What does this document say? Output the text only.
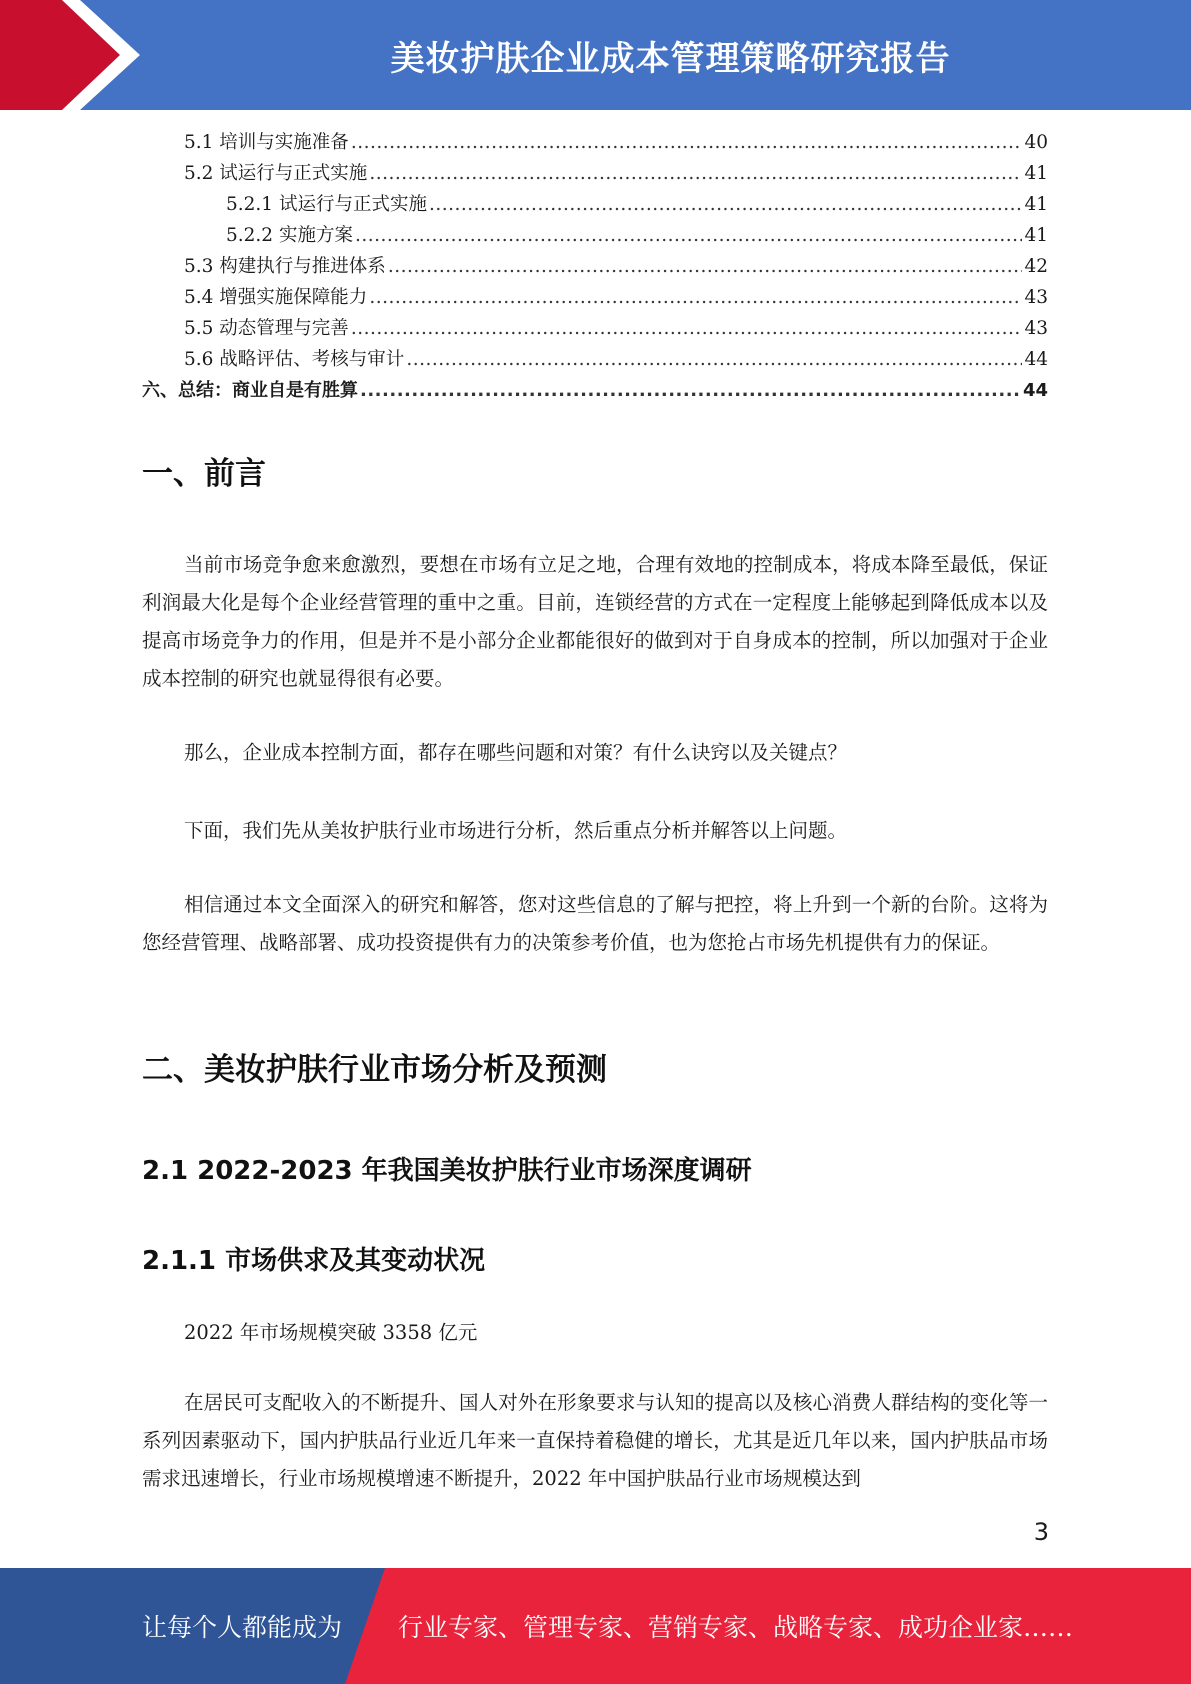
美妆护肤企业成本管理策略研究报告
5.1 培训与实施准备 .....	40
5.2 试运行与正式实施 .....	41
5.2.1 试运行与正式实施 .....	41
5.2.2 实施方案 .....	41
5.3 构建执行与推进体系 .....	42
5.4 增强实施保障能力 .....	43
5.5 动态管理与完善 .....	43
5.6 战略评估、考核与审计 .....	44
六、总结：商业自是有胜算 .....	44
一、前言

当前市场竞争愈来愈激烈，要想在市场有立足之地，合理有效地的控制成本，将成本降至最低，保证利润最大化是每个企业经营管理的重中之重。目前，连锁经营的方式在一定程度上能够起到降低成本以及提高市场竞争力的作用，但是并不是小部分企业都能很好的做到对于自身成本的控制，所以加强对于企业成本控制的研究也就显得很有必要。

那么，企业成本控制方面，都存在哪些问题和对策？有什么诀窍以及关键点？

下面，我们先从美妆护肤行业市场进行分析，然后重点分析并解答以上问题。

相信通过本文全面深入的研究和解答，您对这些信息的了解与把控，将上升到一个新的台阶。这将为您经营管理、战略部署、成功投资提供有力的决策参考价值，也为您抢占市场先机提供有力的保证。

二、美妆护肤行业市场分析及预测
2.1 2022-2023 年我国美妆护肤行业市场深度调研
2.1.1 市场供求及其变动状况

2022 年市场规模突破 3358 亿元

在居民可支配收入的不断提升、国人对外在形象要求与认知的提高以及核心消费人群结构的变化等一系列因素驱动下，国内护肤品行业近几年来一直保持着稳健的增长，尤其是近几年以来，国内护肤品市场需求迅速增长，行业市场规模增速不断提升，2022 年中国护肤品行业市场规模达到

3
让每个人都能成为 行业专家、管理专家、营销专家、战略专家、成功企业家……
